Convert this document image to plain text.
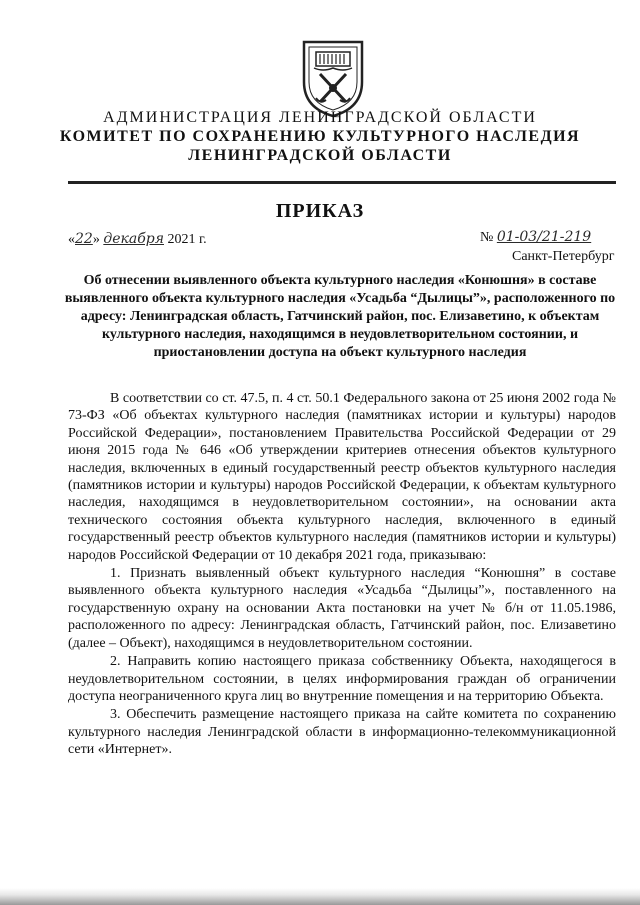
АДМИНИСТРАЦИЯ ЛЕНИНГРАДСКОЙ ОБЛАСТИ
КОМИТЕТ ПО СОХРАНЕНИЮ КУЛЬТУРНОГО НАСЛЕДИЯ
ЛЕНИНГРАДСКОЙ ОБЛАСТИ
ПРИКАЗ
«22» декабря 2021 г.	№ 01-03/21-219
Санкт-Петербург
Об отнесении выявленного объекта культурного наследия «Конюшня» в составе выявленного объекта культурного наследия «Усадьба “Дылицы”», расположенного по адресу: Ленинградская область, Гатчинский район, пос. Елизаветино, к объектам культурного наследия, находящимся в неудовлетворительном состоянии, и приостановлении доступа на объект культурного наследия

В соответствии со ст. 47.5, п. 4 ст. 50.1 Федерального закона от 25 июня 2002 года № 73-ФЗ «Об объектах культурного наследия (памятниках истории и культуры) народов Российской Федерации», постановлением Правительства Российской Федерации от 29 июня 2015 года № 646 «Об утверждении критериев отнесения объектов культурного наследия, включенных в единый государственный реестр объектов культурного наследия (памятников истории и культуры) народов Российской Федерации, к объектам культурного наследия, находящимся в неудовлетворительном состоянии», на основании акта технического состояния объекта культурного наследия, включенного в единый государственный реестр объектов культурного наследия (памятников истории и культуры) народов Российской Федерации от 10 декабря 2021 года, приказываю:

1. Признать выявленный объект культурного наследия “Конюшня” в составе выявленного объекта культурного наследия «Усадьба “Дылицы”», поставленного на государственную охрану на основании Акта постановки на учет № б/н от 11.05.1986, расположенного по адресу: Ленинградская область, Гатчинский район, пос. Елизаветино (далее – Объект), находящимся в неудовлетворительном состоянии.

2. Направить копию настоящего приказа собственнику Объекта, находящегося в неудовлетворительном состоянии, в целях информирования граждан об ограничении доступа неограниченного круга лиц во внутренние помещения и на территорию Объекта.

3. Обеспечить размещение настоящего приказа на сайте комитета по сохранению культурного наследия Ленинградской области в информационно-телекоммуникационной сети «Интернет».
